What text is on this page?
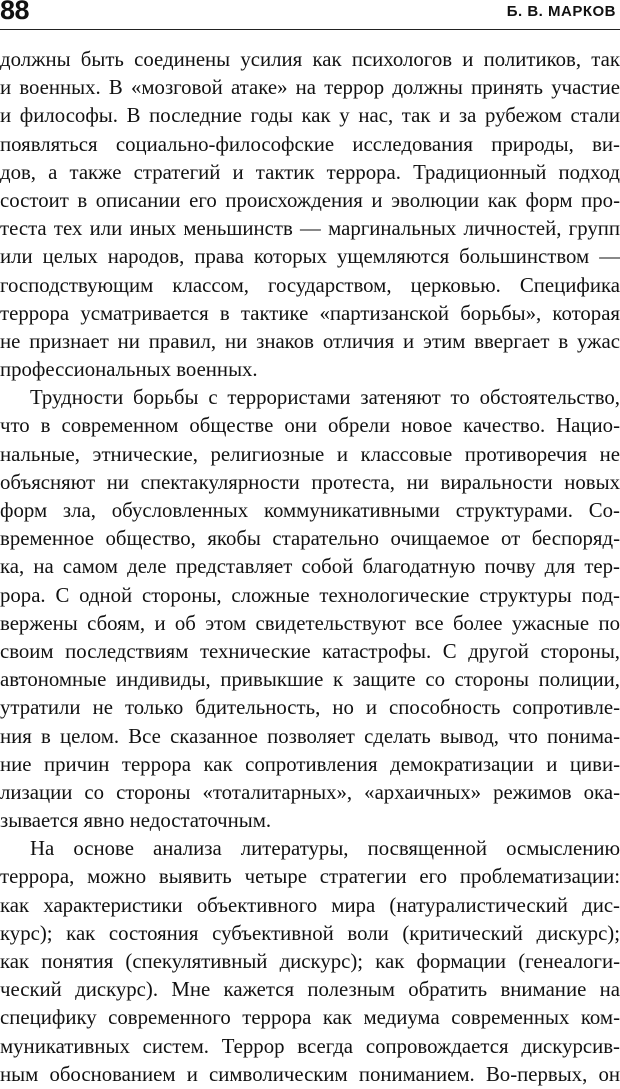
88	Б. В. МАРКОВ
должны быть соединены усилия как психологов и политиков, так
и военных. В «мозговой атаке» на террор должны принять участие
и философы. В последние годы как у нас, так и за рубежом стали
появляться социально-философские исследования природы, ви-
дов, а также стратегий и тактик террора. Традиционный подход
состоит в описании его происхождения и эволюции как форм про-
теста тех или иных меньшинств — маргинальных личностей, групп
или целых народов, права которых ущемляются большинством —
господствующим классом, государством, церковью. Специфика
террора усматривается в тактике «партизанской борьбы», которая
не признает ни правил, ни знаков отличия и этим ввергает в ужас
профессиональных военных.
Трудности борьбы с террористами затеняют то обстоятельство,
что в современном обществе они обрели новое качество. Нацио-
нальные, этнические, религиозные и классовые противоречия не
объясняют ни спектакулярности протеста, ни виральности новых
форм зла, обусловленных коммуникативными структурами. Со-
временное общество, якобы старательно очищаемое от беспоряд-
ка, на самом деле представляет собой благодатную почву для тер-
рора. С одной стороны, сложные технологические структуры под-
вержены сбоям, и об этом свидетельствуют все более ужасные по
своим последствиям технические катастрофы. С другой стороны,
автономные индивиды, привыкшие к защите со стороны полиции,
утратили не только бдительность, но и способность сопротивле-
ния в целом. Все сказанное позволяет сделать вывод, что понима-
ние причин террора как сопротивления демократизации и циви-
лизации со стороны «тоталитарных», «архаичных» режимов ока-
зывается явно недостаточным.
На основе анализа литературы, посвященной осмыслению
террора, можно выявить четыре стратегии его проблематизации:
как характеристики объективного мира (натуралистический дис-
курс); как состояния субъективной воли (критический дискурс);
как понятия (спекулятивный дискурс); как формации (генеалоги-
ческий дискурс). Мне кажется полезным обратить внимание на
специфику современного террора как медиума современных ком-
муникативных систем. Террор всегда сопровождается дискурсив-
ным обоснованием и символическим пониманием. Во-первых, он
